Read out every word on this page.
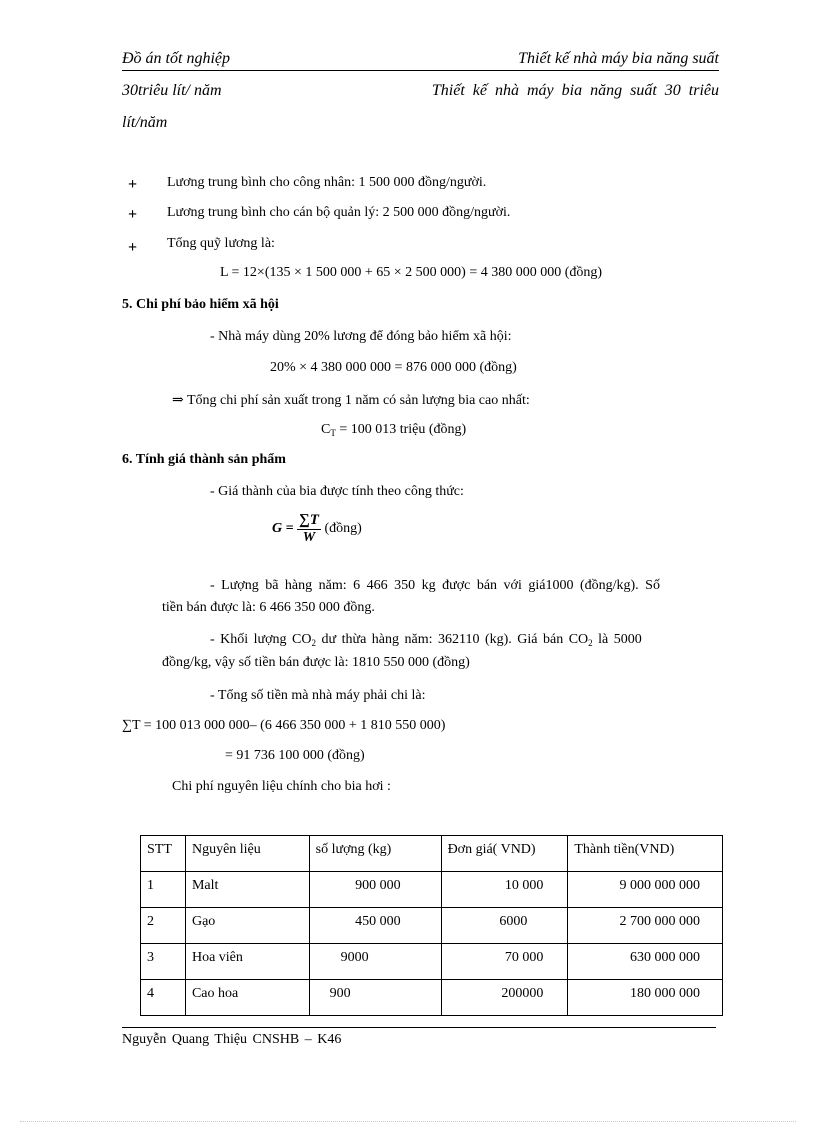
Đồ án tốt nghiệp	Thiết kế nhà máy bia năng suất
30triêu lít/ năm	Thiết kế nhà máy bia năng suất 30 triêu
lít/năm
+ Lương trung bình cho công nhân: 1 500 000 đồng/người.
+ Lương trung bình cho cán bộ quản lý: 2 500 000 đồng/người.
+ Tổng quỹ lương là:
L = 12×(135 × 1 500 000 + 65 × 2 500 000) = 4 380 000 000 (đồng)
5. Chi phí bảo hiểm xã hội
- Nhà máy dùng 20% lương để đóng bảo hiểm xã hội:
20% × 4 380 000 000 = 876 000 000 (đồng)
⇒ Tổng chi phí sản xuất trong 1 năm có sản lượng bia cao nhất:
$C_T = 100$ 013 triệu (đồng)
6. Tính giá thành sản phẩm
- Giá thành của bia được tính theo công thức:
$G = \frac{\sum T}{W}$ (đồng)
- Lượng bã hàng năm: 6 466 350 kg được bán với giá1000 (đồng/kg). Số
tiền bán được là: 6 466 350 000 đồng.
- Khối lượng $CO_2$ dư thừa hàng năm: 362110 (kg). Giá bán $CO_2$ là 5000
đồng/kg, vậy số tiền bán được là: 1810 550 000 (đồng)
- Tổng số tiền mà nhà máy phải chi là:
∑T = 100 013 000 000– (6 466 350 000 + 1 810 550 000)
= 91 736 100 000 (đồng)
Chi phí nguyên liệu chính cho bia hơi :
STT	Nguyên liệu	số lượng (kg)	Đơn giá( VND)	Thành tiền(VND)
1	Malt	900 000	10 000	9 000 000 000
2	Gạo	450 000	6000	2 700 000 000
3	Hoa viên	9000	70 000	630 000 000
4	Cao hoa	900	200000	180 000 000
Nguyễn Quang Thiệu CNSHB – K46
